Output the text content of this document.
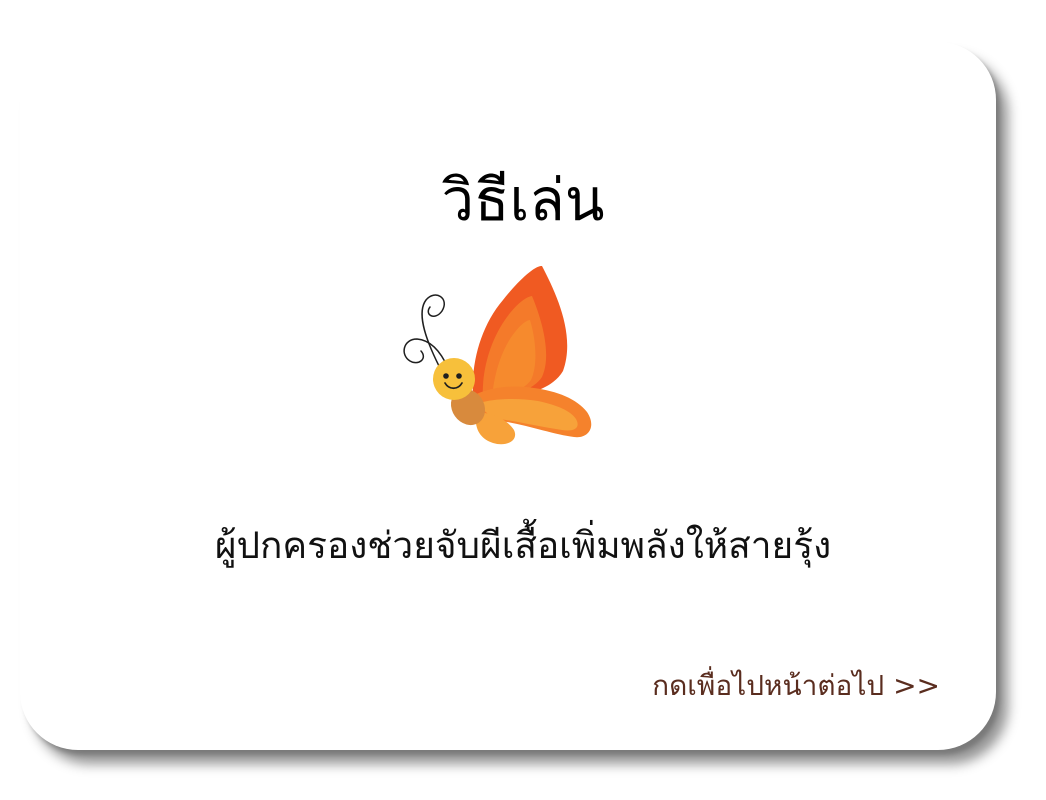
วิธีเล่น
ผู้ปกครองช่วยจับผีเสื้อเพิ่มพลังให้สายรุ้ง
กดเพื่อไปหน้าต่อไป >>
